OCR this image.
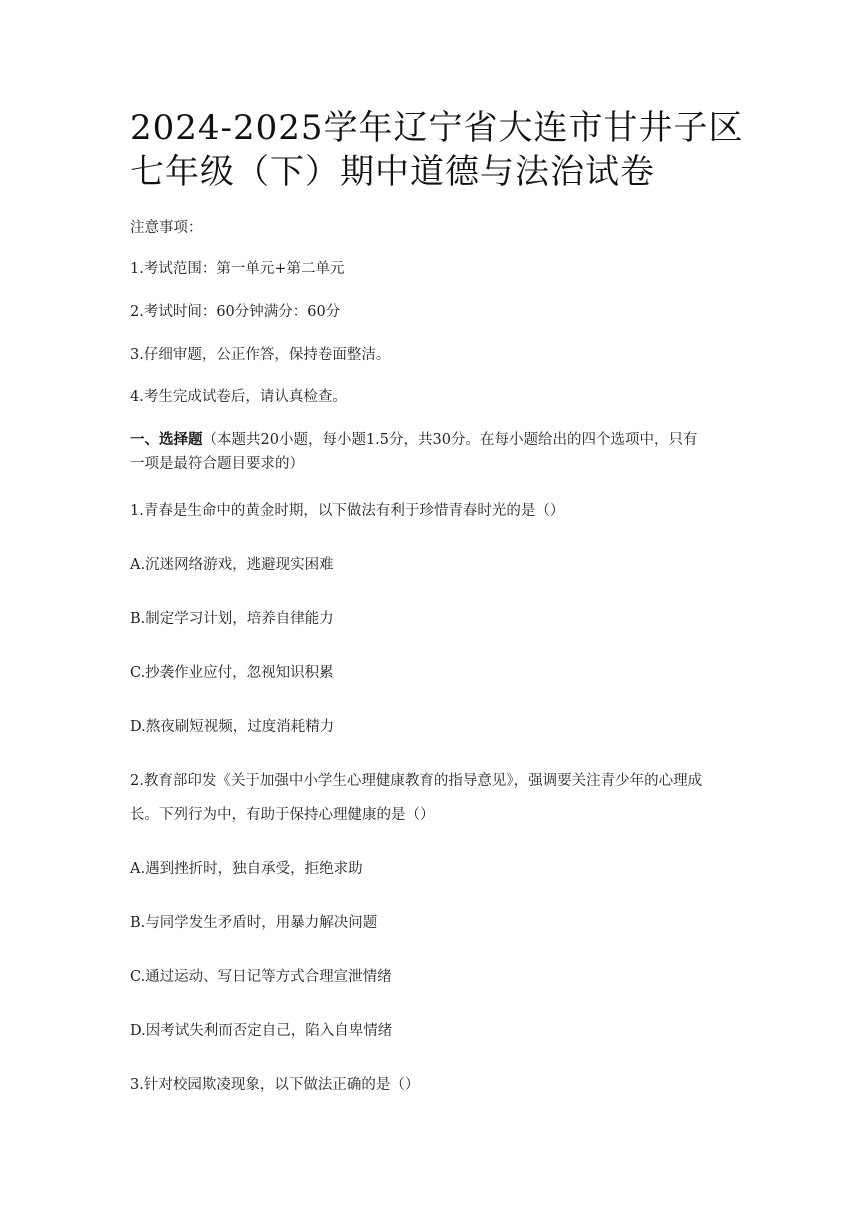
2024-2025学年辽宁省大连市甘井子区
七年级（下）期中道德与法治试卷
注意事项：
1.考试范围：第一单元+第二单元
2.考试时间：60分钟满分：60分
3.仔细审题，公正作答，保持卷面整洁。
4.考生完成试卷后，请认真检查。
一、选择题（本题共20小题，每小题1.5分，共30分。在每小题给出的四个选项中，只有
一项是最符合题目要求的）
1.青春是生命中的黄金时期，以下做法有利于珍惜青春时光的是（）
A.沉迷网络游戏，逃避现实困难
B.制定学习计划，培养自律能力
C.抄袭作业应付，忽视知识积累
D.熬夜刷短视频，过度消耗精力
2.教育部印发《关于加强中小学生心理健康教育的指导意见》，强调要关注青少年的心理成
长。下列行为中，有助于保持心理健康的是（）
A.遇到挫折时，独自承受，拒绝求助
B.与同学发生矛盾时，用暴力解决问题
C.通过运动、写日记等方式合理宣泄情绪
D.因考试失利而否定自己，陷入自卑情绪
3.针对校园欺凌现象，以下做法正确的是（）
